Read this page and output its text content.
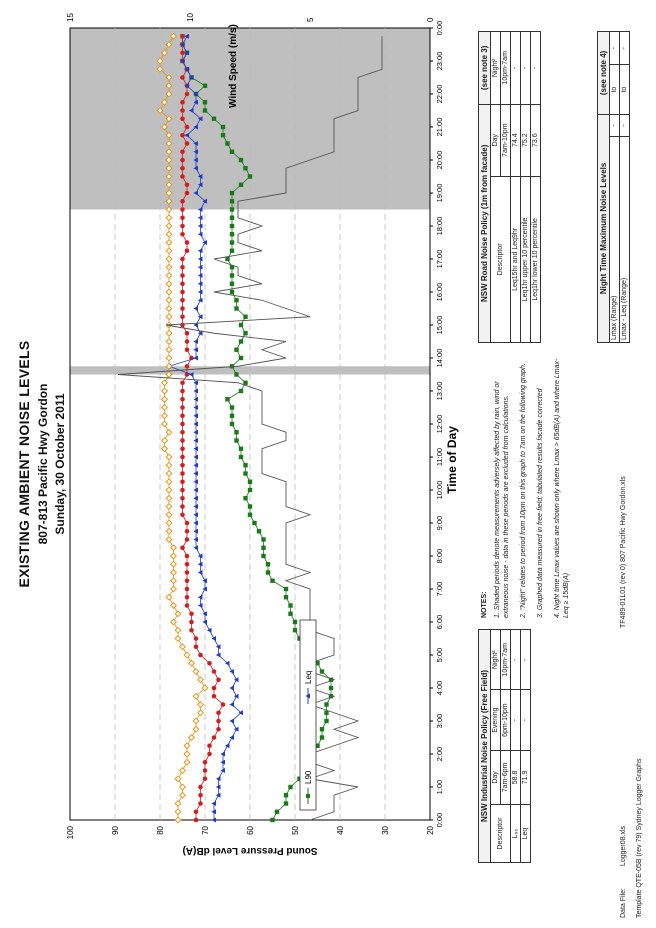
EXISTING AMBIENT NOISE LEVELS 807-813 Pacific Hwy Gordon Sunday, 30 October 2011
20
30
40
50
60
70
80
90
100
15	10	5	0
0:00
1:00
2:00
3:00
4:00
5:00
6:00
7:00
8:00
9:00
10:00
11:00
12:00
13:00
14:00
15:00
16:00
17:00
18:00
19:00
20:00
21:00
22:00
23:00
0:00
Sound Pressure Level dB(A)
L90
Leq
Time of Day
Wind Speed (m/s)
NOTES: 1. Shaded periods denote measurements adversely affected by rain, wind or extraneous noise - data in these periods are excluded from calculations. 2. "Night" relates to period from 10pm on this graph to 7am on the following graph. 3. Graphed data measured in free-field; tabulated results facade corrected 4. Night time Lmax values are shown only where Lmax > 65dB(A) and where Lmax-Leq ≥ 15dB(A)

NSW Industrial Noise Policy (Free Field)			
Descriptor	Day	Evening	Night²
	7am-6pm	6pm-10pm	10pm-7am
L₉₀	58.8	-	-
Leq	71.9	-	-
NSW Road Noise Policy (1m from facade)		(see note 3)
Descriptor	Day	Night²
	7am-10pm	10pm-7am
Leq15hr and Leq9hr	74.4	-
Leq1hr upper 10 percentile	75.2	-
Leq1hr lower 10 percentile	73.6	-
Night Time Maximum Noise Levels		(see note 4)	
Lmax (Range)	-	to	-
Lmax - Leq (Range)	-	to	-
Data File: Logger08.xls Template QTE-05B (rev 79) Sydney Logger Graphs
TF489-01L01 (rev 0) 807 Pacific Hwy Gordon.xls
